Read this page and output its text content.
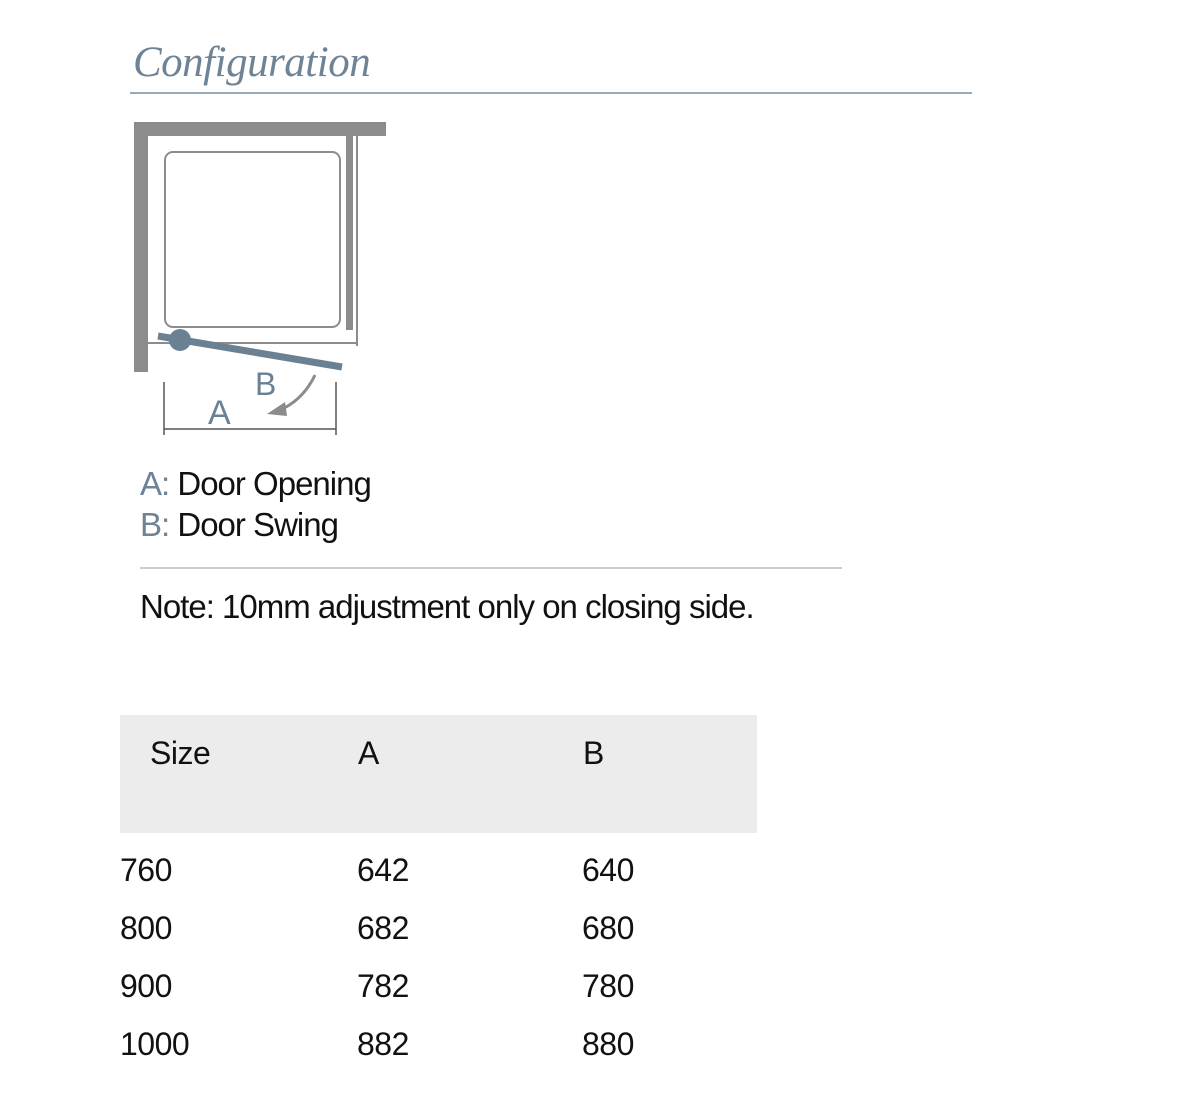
Configuration
B
A
A: Door Opening
B: Door Swing
Note: 10mm adjustment only on closing side.
Size	A	B
760	642	640
800	682	680
900	782	780
1000	882	880
